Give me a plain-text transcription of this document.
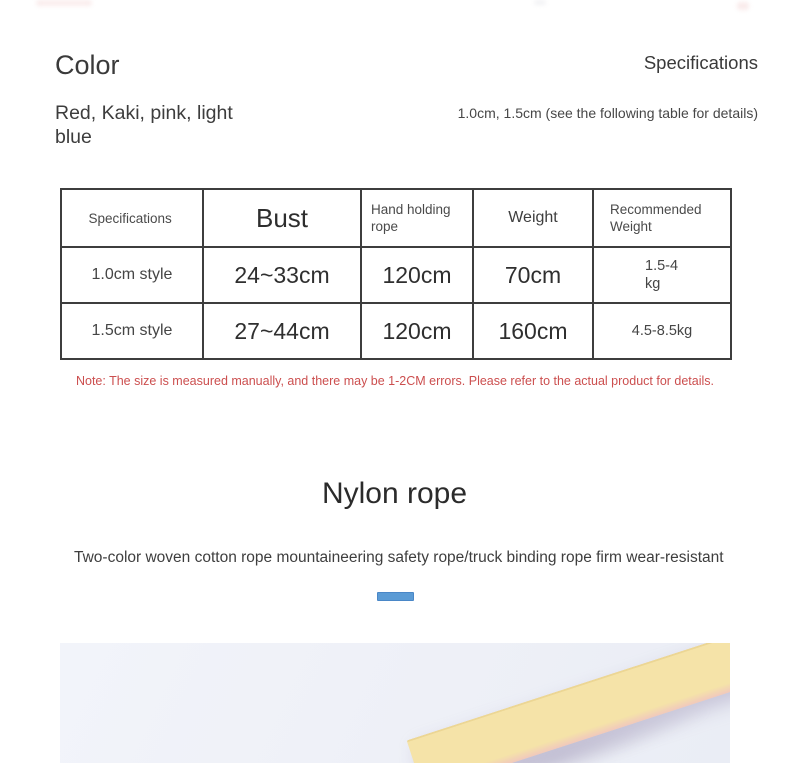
Color
Red, Kaki, pink, light blue
Specifications
1.0cm, 1.5cm (see the following table for details)
Specifications	Bust	Hand holding rope	Weight	Recommended Weight
1.0cm style	24~33cm	120cm	70cm	1.5-4kg
1.5cm style	27~44cm	120cm	160cm	4.5-8.5kg
Note: The size is measured manually, and there may be 1-2CM errors. Please refer to the actual product for details.
Nylon rope
Two-color woven cotton rope mountaineering safety rope/truck binding rope firm wear-resistant
